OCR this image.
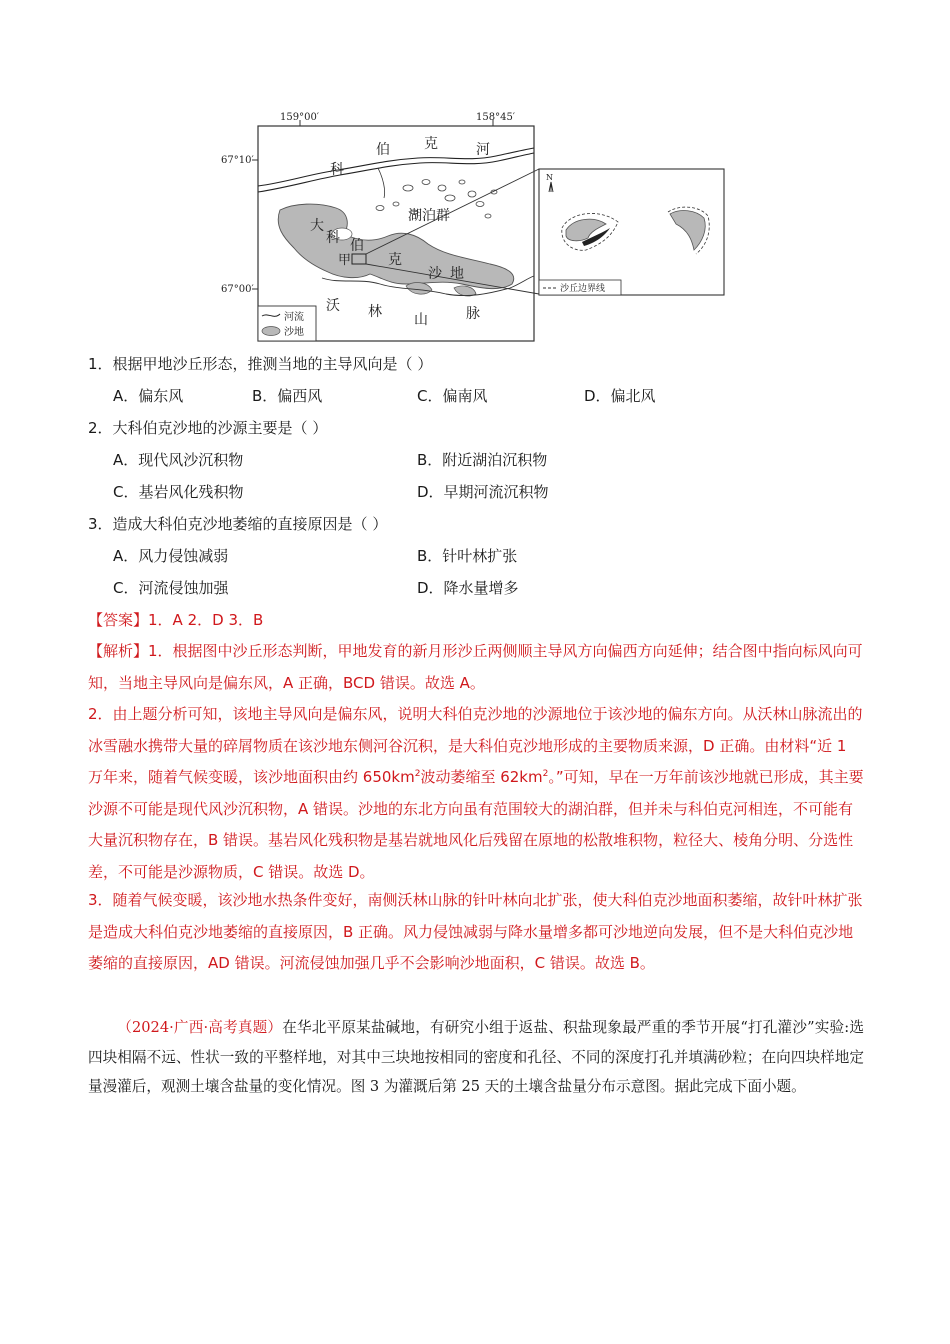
159°00′	158°45′
67°10′
67°00′
科
伯 克	河
湖泊群
大
科 伯
甲	克
沙 地
沃 林 山	脉
河流
沙地
N
沙丘边界线
1．根据甲地沙丘形态，推测当地的主导风向是（ ）
A．偏东风	B．偏西风	C．偏南风	D．偏北风
2．大科伯克沙地的沙源主要是（ ）
A．现代风沙沉积物	B．附近湖泊沉积物
C．基岩风化残积物	D．早期河流沉积物
3．造成大科伯克沙地萎缩的直接原因是（ ）
A．风力侵蚀减弱	B．针叶林扩张
C．河流侵蚀加强	D．降水量增多
【答案】1．A 2．D 3．B
【解析】1．根据图中沙丘形态判断，甲地发育的新月形沙丘两侧顺主导风方向偏西方向延伸；结合图中指向标风向可知，当地主导风向是偏东风，A 正确，BCD 错误。故选 A。
2．由上题分析可知，该地主导风向是偏东风，说明大科伯克沙地的沙源地位于该沙地的偏东方向。从沃林山脉流出的冰雪融水携带大量的碎屑物质在该沙地东侧河谷沉积，是大科伯克沙地形成的主要物质来源，D 正确。由材料“近 1 万年来，随着气候变暖，该沙地面积由约 $650km^2$波动萎缩至 $62km^2$。”可知，早在一万年前该沙地就已形成，其主要沙源不可能是现代风沙沉积物，A 错误。沙地的东北方向虽有范围较大的湖泊群，但并未与科伯克河相连，不可能有大量沉积物存在，B 错误。基岩风化残积物是基岩就地风化后残留在原地的松散堆积物，粒径大、棱角分明、分选性差，不可能是沙源物质，C 错误。故选 D。
3．随着气候变暖，该沙地水热条件变好，南侧沃林山脉的针叶林向北扩张，使大科伯克沙地面积萎缩，故针叶林扩张是造成大科伯克沙地萎缩的直接原因，B 正确。风力侵蚀减弱与降水量增多都可沙地逆向发展，但不是大科伯克沙地萎缩的直接原因，AD 错误。河流侵蚀加强几乎不会影响沙地面积，C 错误。故选 B。
（2024·广西·高考真题）在华北平原某盐碱地，有研究小组于返盐、积盐现象最严重的季节开展“打孔灌沙”实验:选四块相隔不远、性状一致的平整样地，对其中三块地按相同的密度和孔径、不同的深度打孔并填满砂粒；在向四块样地定量漫灌后，观测土壤含盐量的变化情况。图 3 为灌溉后第 25 天的土壤含盐量分布示意图。据此完成下面小题。
